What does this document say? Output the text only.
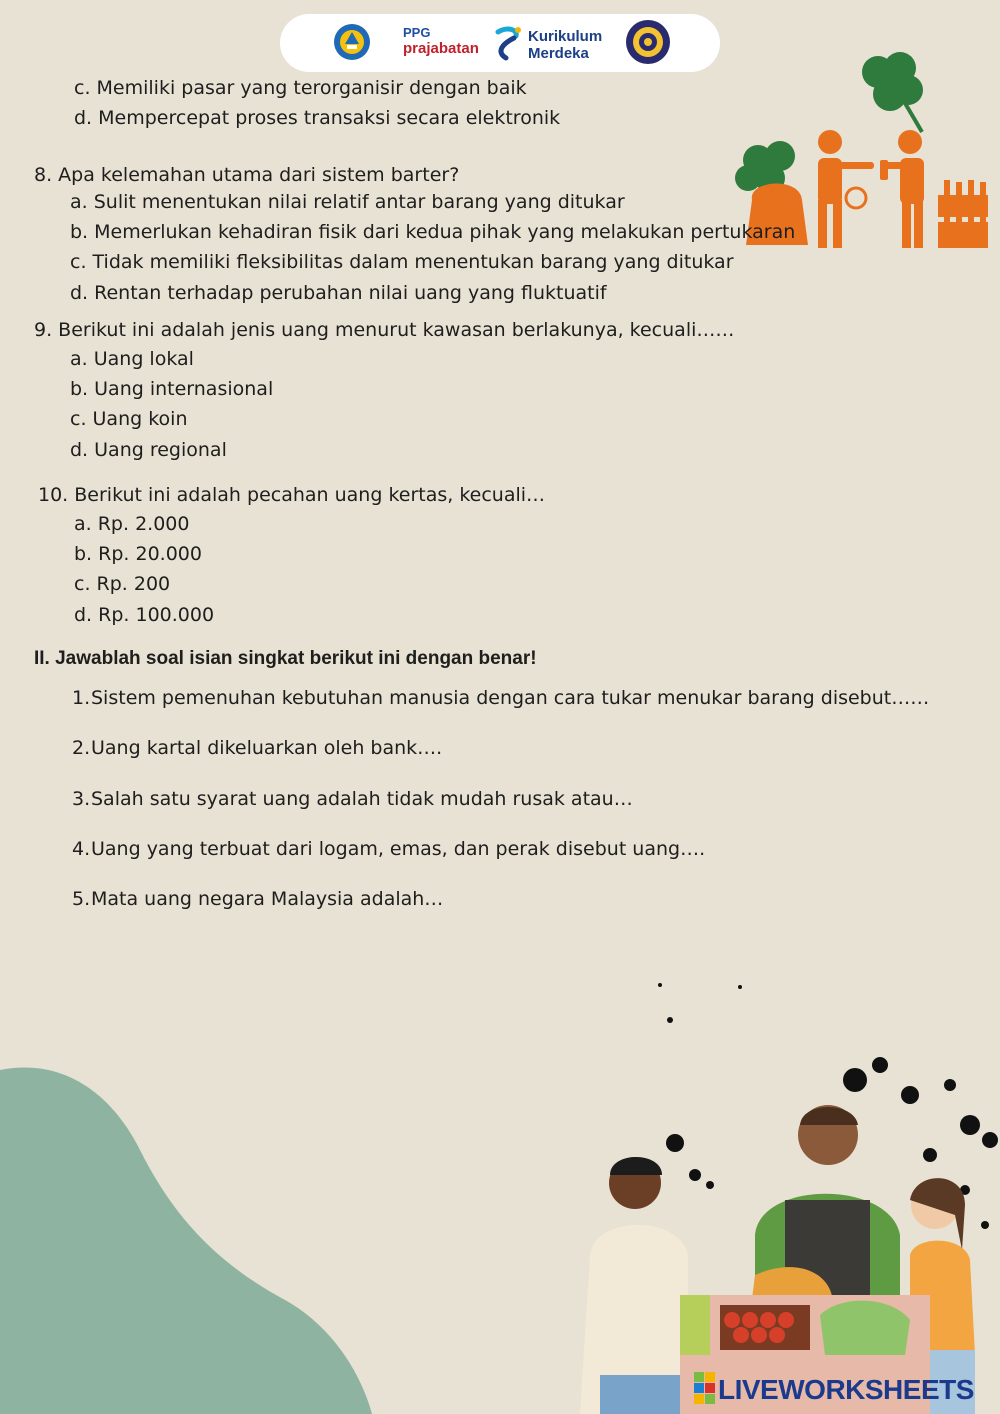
PPG
prajabatan
Kurikulum
Merdeka
c. Memiliki pasar yang terorganisir dengan baik
d. Mempercepat proses transaksi secara elektronik
8. Apa kelemahan utama dari sistem barter?
a. Sulit menentukan nilai relatif antar barang yang ditukar
b. Memerlukan kehadiran fisik dari kedua pihak yang melakukan pertukaran
c. Tidak memiliki fleksibilitas dalam menentukan barang yang ditukar
d. Rentan terhadap perubahan nilai uang yang fluktuatif
9. Berikut ini adalah jenis uang menurut kawasan berlakunya, kecuali……
a. Uang lokal
b. Uang internasional
c. Uang koin
d. Uang regional
10. Berikut ini adalah pecahan uang kertas, kecuali…
a. Rp. 2.000
b. Rp. 20.000
c. Rp. 200
d. Rp. 100.000
II. Jawablah soal isian singkat berikut ini dengan benar!
1.Sistem pemenuhan kebutuhan manusia dengan cara tukar menukar barang disebut……
2.Uang kartal dikeluarkan oleh bank….
3.Salah satu syarat uang adalah tidak mudah rusak atau…
4.Uang yang terbuat dari logam, emas, dan perak disebut uang….
5.Mata uang negara Malaysia adalah…
LIVEWORKSHEETS
